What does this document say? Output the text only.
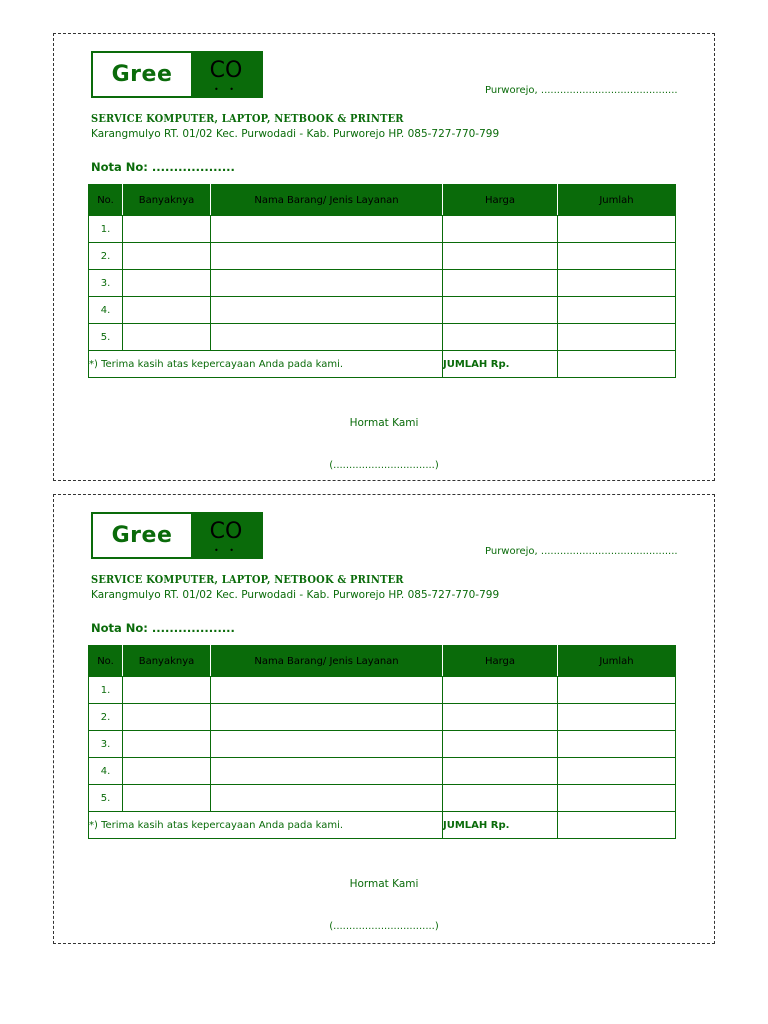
Gree	CO
• •	Purworejo, ...........................................
SERVICE KOMPUTER, LAPTOP, NETBOOK & PRINTER
Karangmulyo RT. 01/02 Kec. Purwodadi - Kab. Purworejo HP. 085-727-770-799
Nota No: ...................
No.	Banyaknya	Nama Barang/ Jenis Layanan	Harga	Jumlah
1.				
2.				
3.				
4.				
5.				
*) Terima kasih atas kepercayaan Anda pada kami.			JUMLAH Rp.	
Hormat Kami
(................................)
Gree	CO
• •	Purworejo, ...........................................
SERVICE KOMPUTER, LAPTOP, NETBOOK & PRINTER
Karangmulyo RT. 01/02 Kec. Purwodadi - Kab. Purworejo HP. 085-727-770-799
Nota No: ...................
No.	Banyaknya	Nama Barang/ Jenis Layanan	Harga	Jumlah
1.				
2.				
3.				
4.				
5.				
*) Terima kasih atas kepercayaan Anda pada kami.			JUMLAH Rp.	
Hormat Kami
(................................)
